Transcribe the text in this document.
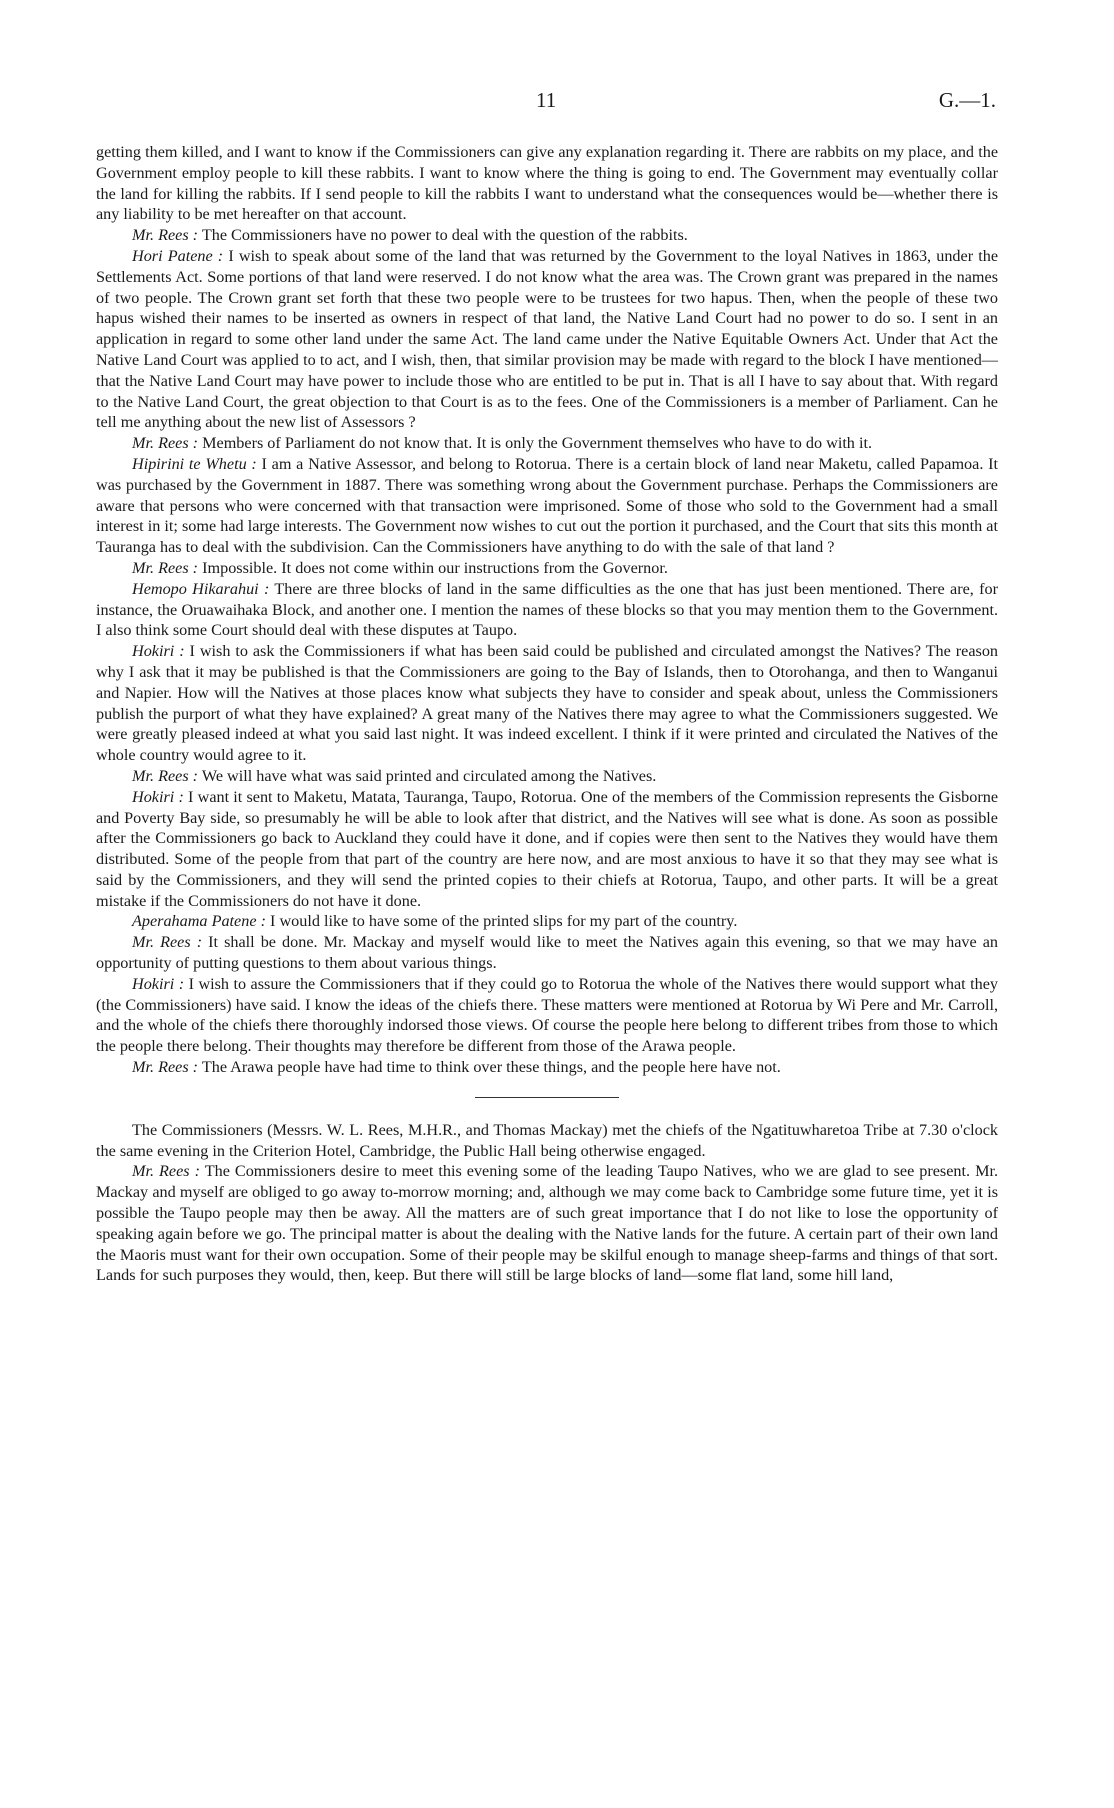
11	G.—1.

getting them killed, and I want to know if the Commissioners can give any explanation regarding it. There are rabbits on my place, and the Government employ people to kill these rabbits. I want to know where the thing is going to end. The Government may eventually collar the land for killing the rabbits. If I send people to kill the rabbits I want to understand what the consequences would be—whether there is any liability to be met hereafter on that account.

Mr. Rees : The Commissioners have no power to deal with the question of the rabbits.

Hori Patene : I wish to speak about some of the land that was returned by the Government to the loyal Natives in 1863, under the Settlements Act. Some portions of that land were reserved. I do not know what the area was. The Crown grant was prepared in the names of two people. The Crown grant set forth that these two people were to be trustees for two hapus. Then, when the people of these two hapus wished their names to be inserted as owners in respect of that land, the Native Land Court had no power to do so. I sent in an application in regard to some other land under the same Act. The land came under the Native Equitable Owners Act. Under that Act the Native Land Court was applied to to act, and I wish, then, that similar provision may be made with regard to the block I have mentioned—that the Native Land Court may have power to include those who are entitled to be put in. That is all I have to say about that. With regard to the Native Land Court, the great objection to that Court is as to the fees. One of the Commissioners is a member of Parliament. Can he tell me anything about the new list of Assessors ?

Mr. Rees : Members of Parliament do not know that. It is only the Government themselves who have to do with it.

Hipirini te Whetu : I am a Native Assessor, and belong to Rotorua. There is a certain block of land near Maketu, called Papamoa. It was purchased by the Government in 1887. There was something wrong about the Government purchase. Perhaps the Commissioners are aware that persons who were concerned with that transaction were imprisoned. Some of those who sold to the Government had a small interest in it; some had large interests. The Government now wishes to cut out the portion it purchased, and the Court that sits this month at Tauranga has to deal with the subdivision. Can the Commissioners have anything to do with the sale of that land ?

Mr. Rees : Impossible. It does not come within our instructions from the Governor.

Hemopo Hikarahui : There are three blocks of land in the same difficulties as the one that has just been mentioned. There are, for instance, the Oruawaihaka Block, and another one. I mention the names of these blocks so that you may mention them to the Government. I also think some Court should deal with these disputes at Taupo.

Hokiri : I wish to ask the Commissioners if what has been said could be published and circulated amongst the Natives? The reason why I ask that it may be published is that the Commissioners are going to the Bay of Islands, then to Otorohanga, and then to Wanganui and Napier. How will the Natives at those places know what subjects they have to consider and speak about, unless the Commissioners publish the purport of what they have explained? A great many of the Natives there may agree to what the Commissioners suggested. We were greatly pleased indeed at what you said last night. It was indeed excellent. I think if it were printed and circulated the Natives of the whole country would agree to it.

Mr. Rees : We will have what was said printed and circulated among the Natives.

Hokiri : I want it sent to Maketu, Matata, Tauranga, Taupo, Rotorua. One of the members of the Commission represents the Gisborne and Poverty Bay side, so presumably he will be able to look after that district, and the Natives will see what is done. As soon as possible after the Commissioners go back to Auckland they could have it done, and if copies were then sent to the Natives they would have them distributed. Some of the people from that part of the country are here now, and are most anxious to have it so that they may see what is said by the Commissioners, and they will send the printed copies to their chiefs at Rotorua, Taupo, and other parts. It will be a great mistake if the Commissioners do not have it done.

Aperahama Patene : I would like to have some of the printed slips for my part of the country.

Mr. Rees : It shall be done. Mr. Mackay and myself would like to meet the Natives again this evening, so that we may have an opportunity of putting questions to them about various things.

Hokiri : I wish to assure the Commissioners that if they could go to Rotorua the whole of the Natives there would support what they (the Commissioners) have said. I know the ideas of the chiefs there. These matters were mentioned at Rotorua by Wi Pere and Mr. Carroll, and the whole of the chiefs there thoroughly indorsed those views. Of course the people here belong to different tribes from those to which the people there belong. Their thoughts may therefore be different from those of the Arawa people.

Mr. Rees : The Arawa people have had time to think over these things, and the people here have not.

The Commissioners (Messrs. W. L. Rees, M.H.R., and Thomas Mackay) met the chiefs of the Ngatituwharetoa Tribe at 7.30 o'clock the same evening in the Criterion Hotel, Cambridge, the Public Hall being otherwise engaged.

Mr. Rees : The Commissioners desire to meet this evening some of the leading Taupo Natives, who we are glad to see present. Mr. Mackay and myself are obliged to go away to-morrow morning; and, although we may come back to Cambridge some future time, yet it is possible the Taupo people may then be away. All the matters are of such great importance that I do not like to lose the opportunity of speaking again before we go. The principal matter is about the dealing with the Native lands for the future. A certain part of their own land the Maoris must want for their own occupation. Some of their people may be skilful enough to manage sheep-farms and things of that sort. Lands for such purposes they would, then, keep. But there will still be large blocks of land—some flat land, some hill land,
